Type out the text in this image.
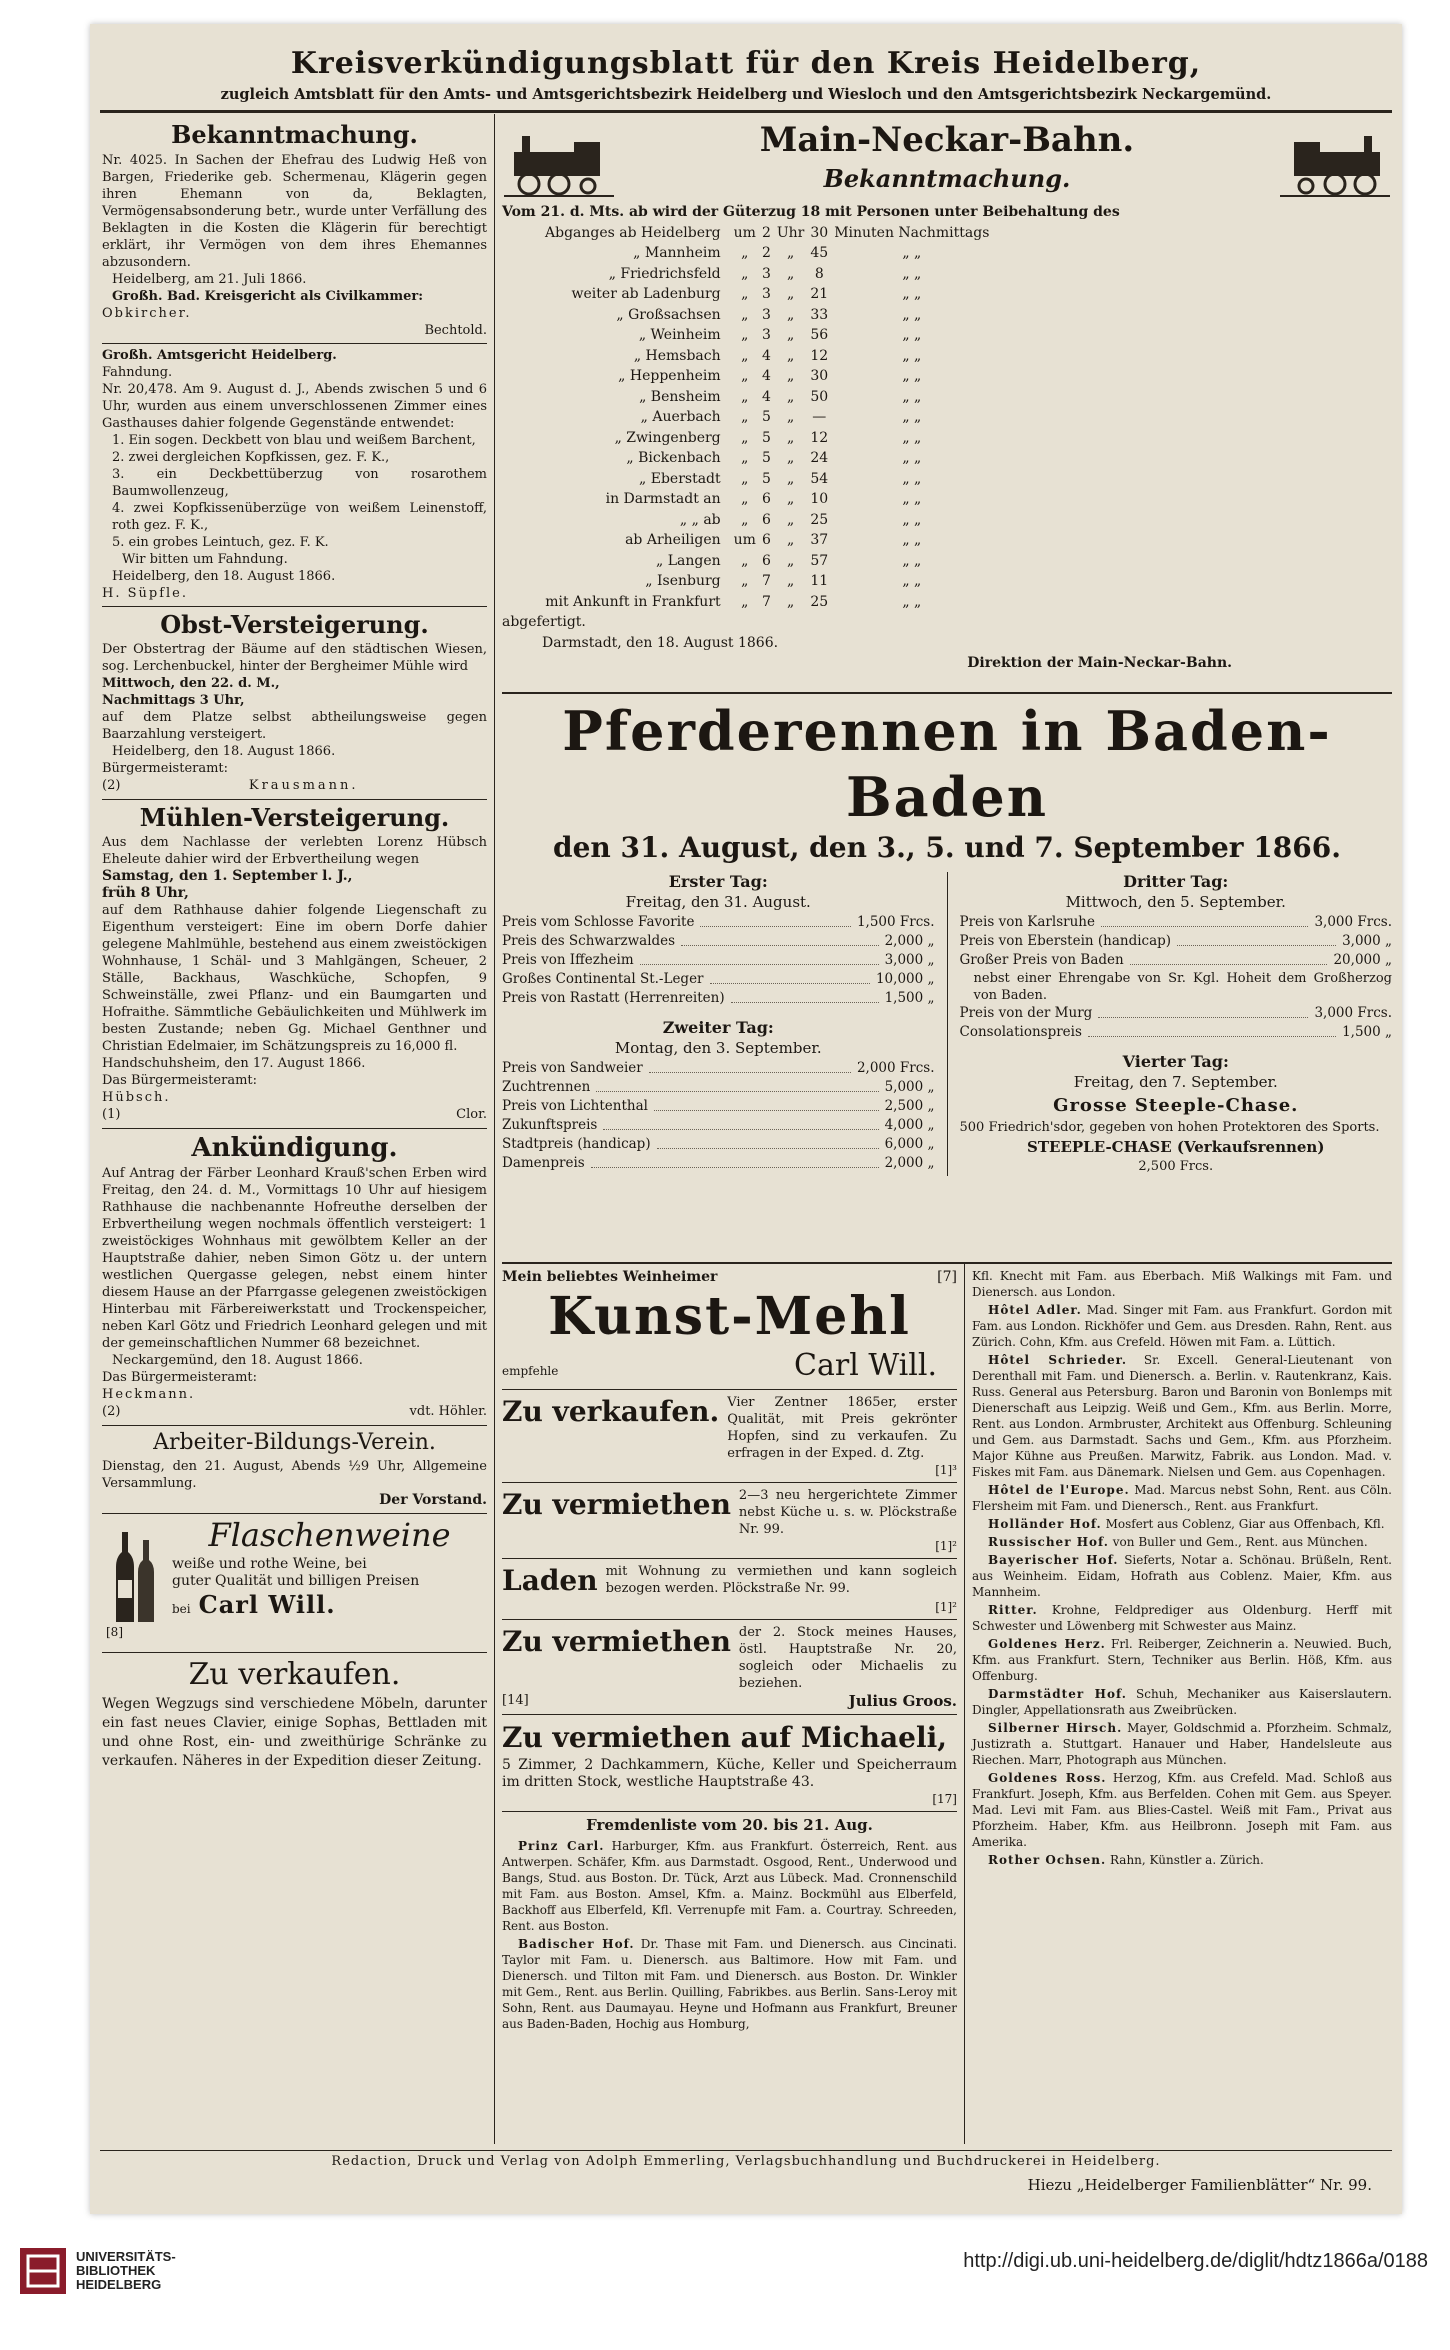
Kreisverkündigungsblatt für den Kreis Heidelberg,
zugleich Amtsblatt für den Amts- und Amtsgerichtsbezirk Heidelberg und Wiesloch und den Amtsgerichtsbezirk Neckargemünd.
Bekanntmachung.

Nr. 4025. In Sachen der Ehefrau des Ludwig Heß von Bargen, Friederike geb. Schermenau, Klägerin gegen ihren Ehemann von da, Beklagten, Vermögensabsonderung betr., wurde unter Verfällung des Beklagten in die Kosten die Klägerin für berechtigt erklärt, ihr Vermögen von dem ihres Ehemannes abzusondern.

Heidelberg, am 21. Juli 1866.

Großh. Bad. Kreisgericht als Civilkammer:

Obkircher.

Bechtold.

Großh. Amtsgericht Heidelberg.

Fahndung.

Nr. 20,478. Am 9. August d. J., Abends zwischen 5 und 6 Uhr, wurden aus einem unverschlossenen Zimmer eines Gasthauses dahier folgende Gegenstände entwendet:

1. Ein sogen. Deckbett von blau und weißem Barchent,

2. zwei dergleichen Kopfkissen, gez. F. K.,

3. ein Deckbettüberzug von rosarothem Baumwollenzeug,

4. zwei Kopfkissenüberzüge von weißem Leinenstoff, roth gez. F. K.,

5. ein grobes Leintuch, gez. F. K.

Wir bitten um Fahndung.

Heidelberg, den 18. August 1866.

H. Süpfle.

Obst-Versteigerung.

Der Obstertrag der Bäume auf den städtischen Wiesen, sog. Lerchenbuckel, hinter der Bergheimer Mühle wird

Mittwoch, den 22. d. M.,

Nachmittags 3 Uhr,

auf dem Platze selbst abtheilungsweise gegen Baarzahlung versteigert.

Heidelberg, den 18. August 1866.

Bürgermeisteramt:

(2)	Krausmann.
Mühlen-Versteigerung.

Aus dem Nachlasse der verlebten Lorenz Hübsch Eheleute dahier wird der Erbvertheilung wegen

Samstag, den 1. September l. J.,

früh 8 Uhr,

auf dem Rathhause dahier folgende Liegenschaft zu Eigenthum versteigert: Eine im obern Dorfe dahier gelegene Mahlmühle, bestehend aus einem zweistöckigen Wohnhause, 1 Schäl- und 3 Mahlgängen, Scheuer, 2 Ställe, Backhaus, Waschküche, Schopfen, 9 Schweinställe, zwei Pflanz- und ein Baumgarten und Hofraithe. Sämmtliche Gebäulichkeiten und Mühlwerk im besten Zustande; neben Gg. Michael Genthner und Christian Edelmaier, im Schätzungspreis zu 16,000 fl.

Handschuhsheim, den 17. August 1866.

Das Bürgermeisteramt:

Hübsch.

(1)	Clor.
Ankündigung.

Auf Antrag der Färber Leonhard Krauß'schen Erben wird Freitag, den 24. d. M., Vormittags 10 Uhr auf hiesigem Rathhause die nachbenannte Hofreuthe derselben der Erbvertheilung wegen nochmals öffentlich versteigert: 1 zweistöckiges Wohnhaus mit gewölbtem Keller an der Hauptstraße dahier, neben Simon Götz u. der untern westlichen Quergasse gelegen, nebst einem hinter diesem Hause an der Pfarrgasse gelegenen zweistöckigen Hinterbau mit Färbereiwerkstatt und Trockenspeicher, neben Karl Götz und Friedrich Leonhard gelegen und mit der gemeinschaftlichen Nummer 68 bezeichnet.

Neckargemünd, den 18. August 1866.

Das Bürgermeisteramt:

Heckmann.

(2)	vdt. Höhler.
Arbeiter-Bildungs-Verein.

Dienstag, den 21. August, Abends ½9 Uhr, Allgemeine Versammlung.

Der Vorstand.

Flaschenweine

weiße und rothe Weine, bei

guter Qualität und billigen Preisen

bei Carl Will.
[8]
Zu verkaufen.

Wegen Wegzugs sind verschiedene Möbeln, darunter ein fast neues Clavier, einige Sophas, Bettladen mit und ohne Rost, ein- und zweithürige Schränke zu verkaufen. Näheres in der Expedition dieser Zeitung.

Main-Neckar-Bahn.
Bekanntmachung.
Vom 21. d. Mts. ab wird der Güterzug 18 mit Personen unter Beibehaltung des
Abganges ab Heidelberg	um	2	Uhr	30	Minuten Nachmittags
„ Mannheim	„	2	„	45	„ „
„ Friedrichsfeld	„	3	„	8	„ „
weiter ab Ladenburg	„	3	„	21	„ „
„ Großsachsen	„	3	„	33	„ „
„ Weinheim	„	3	„	56	„ „
„ Hemsbach	„	4	„	12	„ „
„ Heppenheim	„	4	„	30	„ „
„ Bensheim	„	4	„	50	„ „
„ Auerbach	„	5	„	—	„ „
„ Zwingenberg	„	5	„	12	„ „
„ Bickenbach	„	5	„	24	„ „
„ Eberstadt	„	5	„	54	„ „
in Darmstadt an	„	6	„	10	„ „
„ „ ab	„	6	„	25	„ „
ab Arheiligen	um	6	„	37	„ „
„ Langen	„	6	„	57	„ „
„ Isenburg	„	7	„	11	„ „
mit Ankunft in Frankfurt	„	7	„	25	„ „
abgefertigt.
Darmstadt, den 18. August 1866.
Direktion der Main-Neckar-Bahn.
Pferderennen in Baden-Baden
den 31. August, den 3., 5. und 7. September 1866.
Erster Tag:
Freitag, den 31. August.
Preis vom Schlosse Favorite	1,500 Frcs.
Preis des Schwarzwaldes	2,000 „
Preis von Iffezheim	3,000 „
Großes Continental St.-Leger	10,000 „
Preis von Rastatt (Herrenreiten)	1,500 „
Zweiter Tag:
Montag, den 3. September.
Preis von Sandweier	2,000 Frcs.
Zuchtrennen	5,000 „
Preis von Lichtenthal	2,500 „
Zukunftspreis	4,000 „
Stadtpreis (handicap)	6,000 „
Damenpreis	2,000 „
Dritter Tag:
Mittwoch, den 5. September.
Preis von Karlsruhe	3,000 Frcs.
Preis von Eberstein (handicap)	3,000 „
Großer Preis von Baden	20,000 „

nebst einer Ehrengabe von Sr. Kgl. Hoheit dem Großherzog von Baden.

Preis von der Murg	3,000 Frcs.
Consolationspreis	1,500 „
Vierter Tag:
Freitag, den 7. September.
Grosse Steeple-Chase.

500 Friedrich'sdor, gegeben von hohen Protektoren des Sports.

STEEPLE-CHASE (Verkaufsrennen)
2,500 Frcs.
Mein beliebtes Weinheimer	[7]
Kunst-Mehl
empfehle	Carl Will.
Zu verkaufen. Vier Zentner 1865er, erster Qualität, mit Preis gekrönter Hopfen, sind zu verkaufen. Zu erfragen in der Exped. d. Ztg.

[1]³
Zu vermiethen 2—3 neu hergerichtete Zimmer nebst Küche u. s. w. Plöckstraße Nr. 99.

[1]²
Laden mit Wohnung zu vermiethen und kann sogleich bezogen werden. Plöckstraße Nr. 99.

[1]²
Zu vermiethen der 2. Stock meines Hauses, östl. Hauptstraße Nr. 20, sogleich oder Michaelis zu beziehen.

[14]	Julius Groos.
Zu vermiethen auf Michaeli,

5 Zimmer, 2 Dachkammern, Küche, Keller und Speicherraum im dritten Stock, westliche Hauptstraße 43.

[17]
Fremdenliste vom 20. bis 21. Aug.

Prinz Carl. Harburger, Kfm. aus Frankfurt. Österreich, Rent. aus Antwerpen. Schäfer, Kfm. aus Darmstadt. Osgood, Rent., Underwood und Bangs, Stud. aus Boston. Dr. Tück, Arzt aus Lübeck. Mad. Cronnenschild mit Fam. aus Boston. Amsel, Kfm. a. Mainz. Bockmühl aus Elberfeld, Backhoff aus Elberfeld, Kfl. Verrenupfe mit Fam. a. Courtray. Schreeden, Rent. aus Boston.

Badischer Hof. Dr. Thase mit Fam. und Dienersch. aus Cincinati. Taylor mit Fam. u. Dienersch. aus Baltimore. How mit Fam. und Dienersch. und Tilton mit Fam. und Dienersch. aus Boston. Dr. Winkler mit Gem., Rent. aus Berlin. Quilling, Fabrikbes. aus Berlin. Sans-Leroy mit Sohn, Rent. aus Daumayau. Heyne und Hofmann aus Frankfurt, Breuner aus Baden-Baden, Hochig aus Homburg,

Kfl. Knecht mit Fam. aus Eberbach. Miß Walkings mit Fam. und Dienersch. aus London.

Hôtel Adler. Mad. Singer mit Fam. aus Frankfurt. Gordon mit Fam. aus London. Rickhöfer und Gem. aus Dresden. Rahn, Rent. aus Zürich. Cohn, Kfm. aus Crefeld. Höwen mit Fam. a. Lüttich.

Hôtel Schrieder. Sr. Excell. General-Lieutenant von Derenthall mit Fam. und Dienersch. a. Berlin. v. Rautenkranz, Kais. Russ. General aus Petersburg. Baron und Baronin von Bonlemps mit Dienerschaft aus Leipzig. Weiß und Gem., Kfm. aus Berlin. Morre, Rent. aus London. Armbruster, Architekt aus Offenburg. Schleuning und Gem. aus Darmstadt. Sachs und Gem., Kfm. aus Pforzheim. Major Kühne aus Preußen. Marwitz, Fabrik. aus London. Mad. v. Fiskes mit Fam. aus Dänemark. Nielsen und Gem. aus Copenhagen.

Hôtel de l'Europe. Mad. Marcus nebst Sohn, Rent. aus Cöln. Flersheim mit Fam. und Dienersch., Rent. aus Frankfurt.

Holländer Hof. Mosfert aus Coblenz, Giar aus Offenbach, Kfl.

Russischer Hof. von Buller und Gem., Rent. aus München.

Bayerischer Hof. Sieferts, Notar a. Schönau. Brüßeln, Rent. aus Weinheim. Eidam, Hofrath aus Coblenz. Maier, Kfm. aus Mannheim.

Ritter. Krohne, Feldprediger aus Oldenburg. Herff mit Schwester und Löwenberg mit Schwester aus Mainz.

Goldenes Herz. Frl. Reiberger, Zeichnerin a. Neuwied. Buch, Kfm. aus Frankfurt. Stern, Techniker aus Berlin. Höß, Kfm. aus Offenburg.

Darmstädter Hof. Schuh, Mechaniker aus Kaiserslautern. Dingler, Appellationsrath aus Zweibrücken.

Silberner Hirsch. Mayer, Goldschmid a. Pforzheim. Schmalz, Justizrath a. Stuttgart. Hanauer und Haber, Handelsleute aus Riechen. Marr, Photograph aus München.

Goldenes Ross. Herzog, Kfm. aus Crefeld. Mad. Schloß aus Frankfurt. Joseph, Kfm. aus Berfelden. Cohen mit Gem. aus Speyer. Mad. Levi mit Fam. aus Blies-Castel. Weiß mit Fam., Privat aus Pforzheim. Haber, Kfm. aus Heilbronn. Joseph mit Fam. aus Amerika.

Rother Ochsen. Rahn, Künstler a. Zürich.

Redaction, Druck und Verlag von Adolph Emmerling, Verlagsbuchhandlung und Buchdruckerei in Heidelberg.
Hiezu „Heidelberger Familienblätter“ Nr. 99.
UNIVERSITÄTS-
BIBLIOTHEK
HEIDELBERG
http://digi.ub.uni-heidelberg.de/diglit/hdtz1866a/0188
